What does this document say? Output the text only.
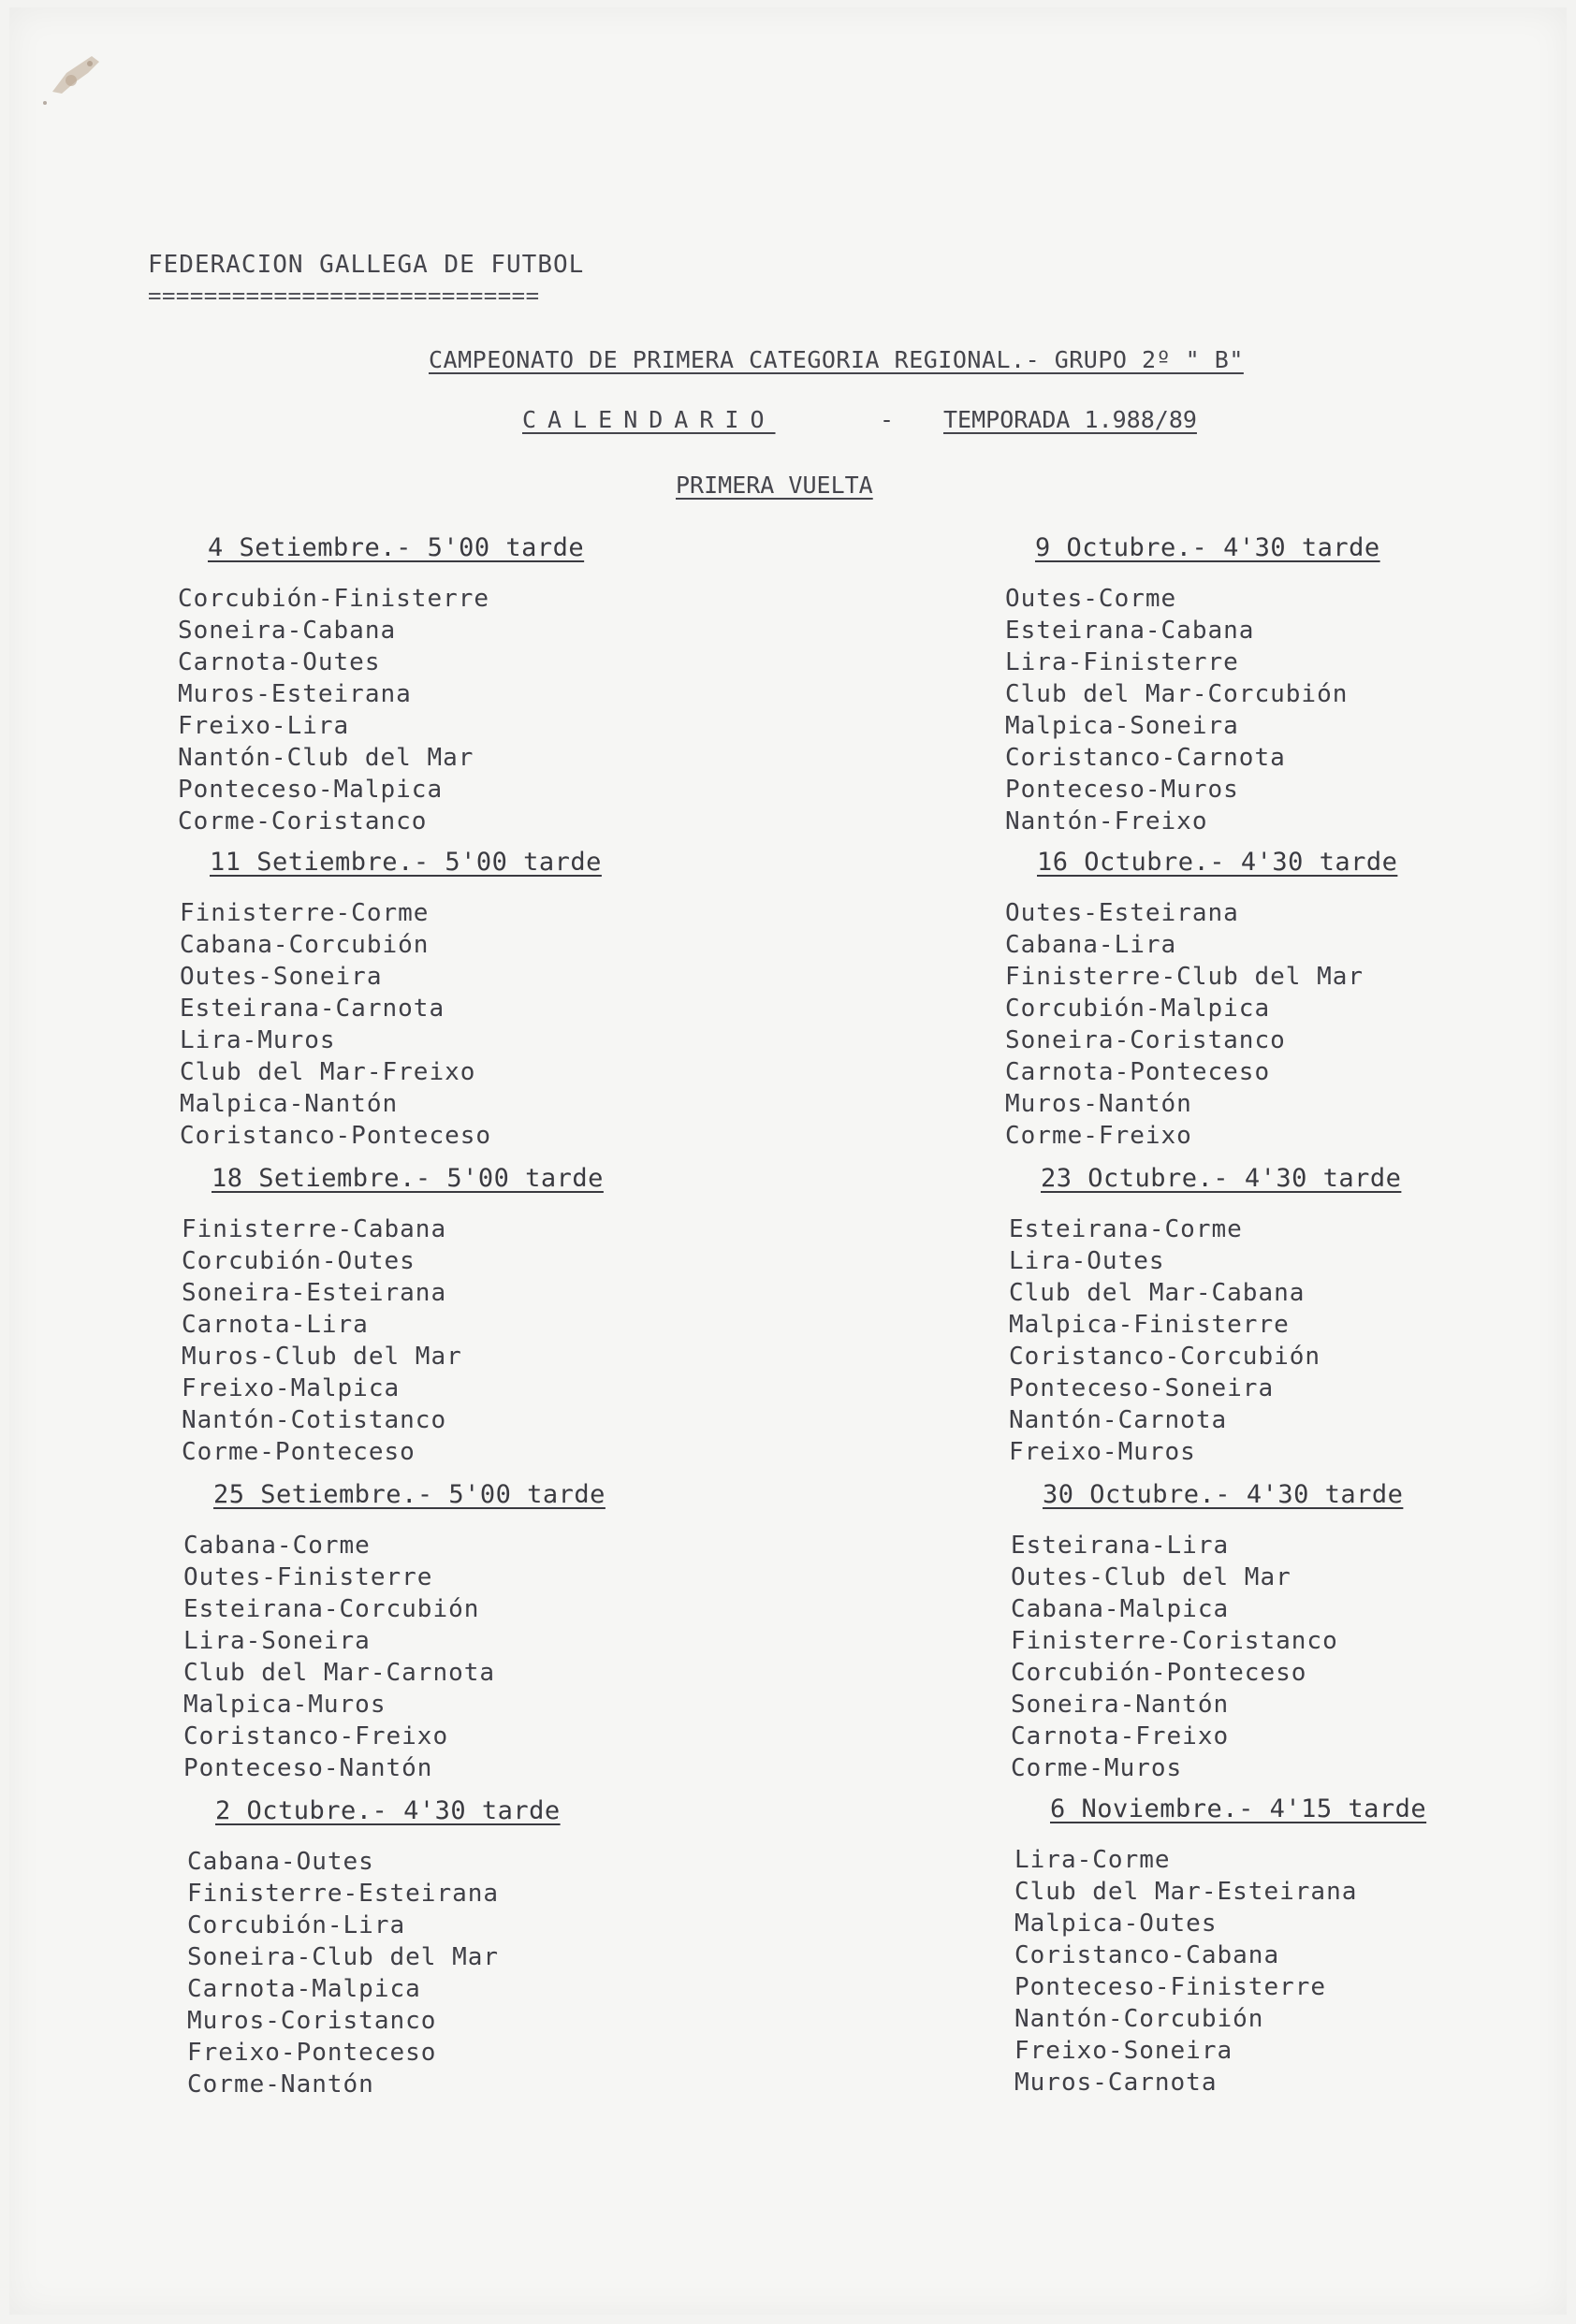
FEDERACION GALLEGA DE FUTBOL
============================
CAMPEONATO DE PRIMERA CATEGORIA REGIONAL.- GRUPO 2º " B"
CALENDARIO	- TEMPORADA 1.988/89
PRIMERA VUELTA
4 Setiembre.- 5'00 tarde
Corcubión-Finisterre
Soneira-Cabana
Carnota-Outes
Muros-Esteirana
Freixo-Lira
Nantón-Club del Mar
Ponteceso-Malpica
Corme-Coristanco
11 Setiembre.- 5'00 tarde
Finisterre-Corme
Cabana-Corcubión
Outes-Soneira
Esteirana-Carnota
Lira-Muros
Club del Mar-Freixo
Malpica-Nantón
Coristanco-Ponteceso
18 Setiembre.- 5'00 tarde
Finisterre-Cabana
Corcubión-Outes
Soneira-Esteirana
Carnota-Lira
Muros-Club del Mar
Freixo-Malpica
Nantón-Cotistanco
Corme-Ponteceso
25 Setiembre.- 5'00 tarde
Cabana-Corme
Outes-Finisterre
Esteirana-Corcubión
Lira-Soneira
Club del Mar-Carnota
Malpica-Muros
Coristanco-Freixo
Ponteceso-Nantón
2 Octubre.- 4'30 tarde
Cabana-Outes
Finisterre-Esteirana
Corcubión-Lira
Soneira-Club del Mar
Carnota-Malpica
Muros-Coristanco
Freixo-Ponteceso
Corme-Nantón
9 Octubre.- 4'30 tarde
Outes-Corme
Esteirana-Cabana
Lira-Finisterre
Club del Mar-Corcubión
Malpica-Soneira
Coristanco-Carnota
Ponteceso-Muros
Nantón-Freixo
16 Octubre.- 4'30 tarde
Outes-Esteirana
Cabana-Lira
Finisterre-Club del Mar
Corcubión-Malpica
Soneira-Coristanco
Carnota-Ponteceso
Muros-Nantón
Corme-Freixo
23 Octubre.- 4'30 tarde
Esteirana-Corme
Lira-Outes
Club del Mar-Cabana
Malpica-Finisterre
Coristanco-Corcubión
Ponteceso-Soneira
Nantón-Carnota
Freixo-Muros
30 Octubre.- 4'30 tarde
Esteirana-Lira
Outes-Club del Mar
Cabana-Malpica
Finisterre-Coristanco
Corcubión-Ponteceso
Soneira-Nantón
Carnota-Freixo
Corme-Muros
6 Noviembre.- 4'15 tarde
Lira-Corme
Club del Mar-Esteirana
Malpica-Outes
Coristanco-Cabana
Ponteceso-Finisterre
Nantón-Corcubión
Freixo-Soneira
Muros-Carnota
